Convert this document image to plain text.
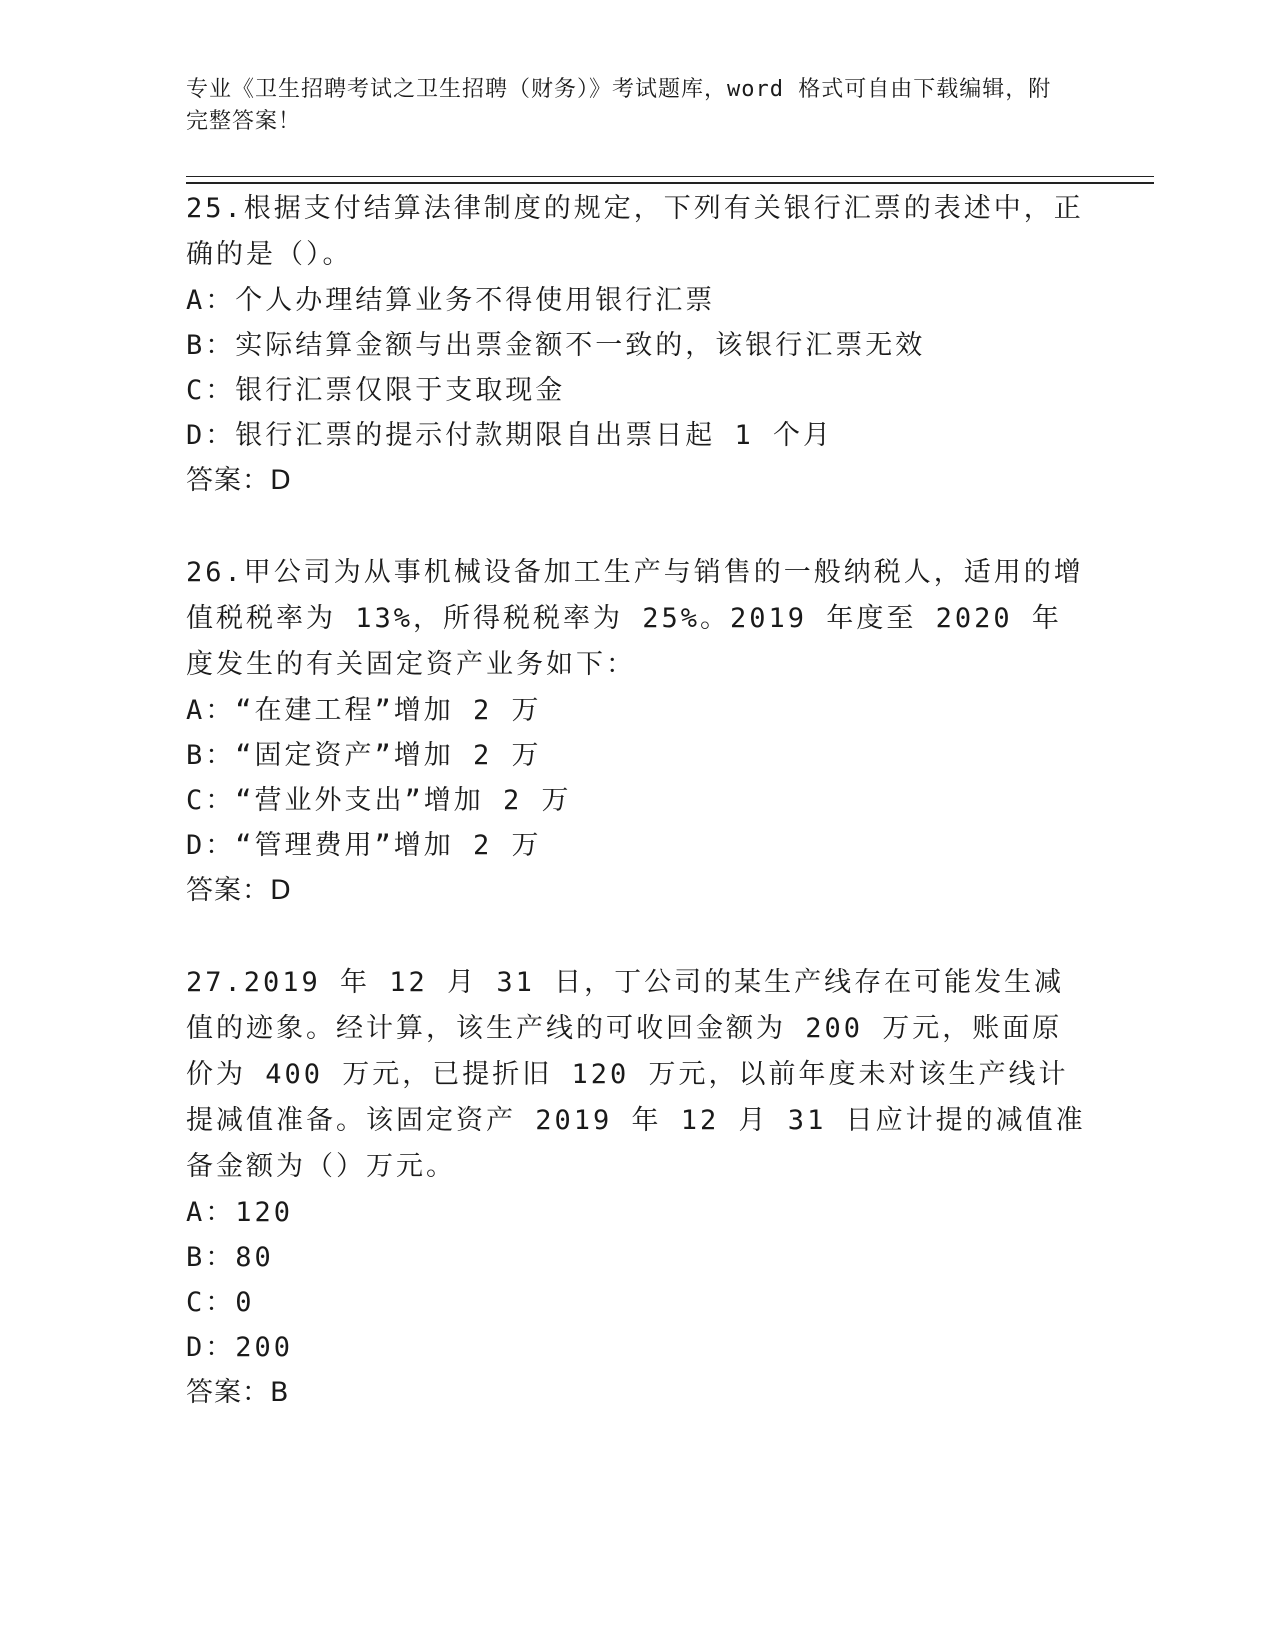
专业《卫生招聘考试之卫生招聘（财务）》考试题库，word 格式可自由下载编辑，附完整答案！

25.根据支付结算法律制度的规定，下列有关银行汇票的表述中，正确的是（）。

A：个人办理结算业务不得使用银行汇票

B：实际结算金额与出票金额不一致的，该银行汇票无效

C：银行汇票仅限于支取现金

D：银行汇票的提示付款期限自出票日起 1 个月

答案：D

26.甲公司为从事机械设备加工生产与销售的一般纳税人，适用的增值税税率为 13%，所得税税率为 25%。2019 年度至 2020 年度发生的有关固定资产业务如下：

A：“在建工程”增加 2 万

B：“固定资产”增加 2 万

C：“营业外支出”增加 2 万

D：“管理费用”增加 2 万

答案：D

27.2019 年 12 月 31 日，丁公司的某生产线存在可能发生减值的迹象。经计算，该生产线的可收回金额为 200 万元，账面原价为 400 万元，已提折旧 120 万元，以前年度未对该生产线计提减值准备。该固定资产 2019 年 12 月 31 日应计提的减值准备金额为（）万元。

A：120

B：80

C：0

D：200

答案：B
